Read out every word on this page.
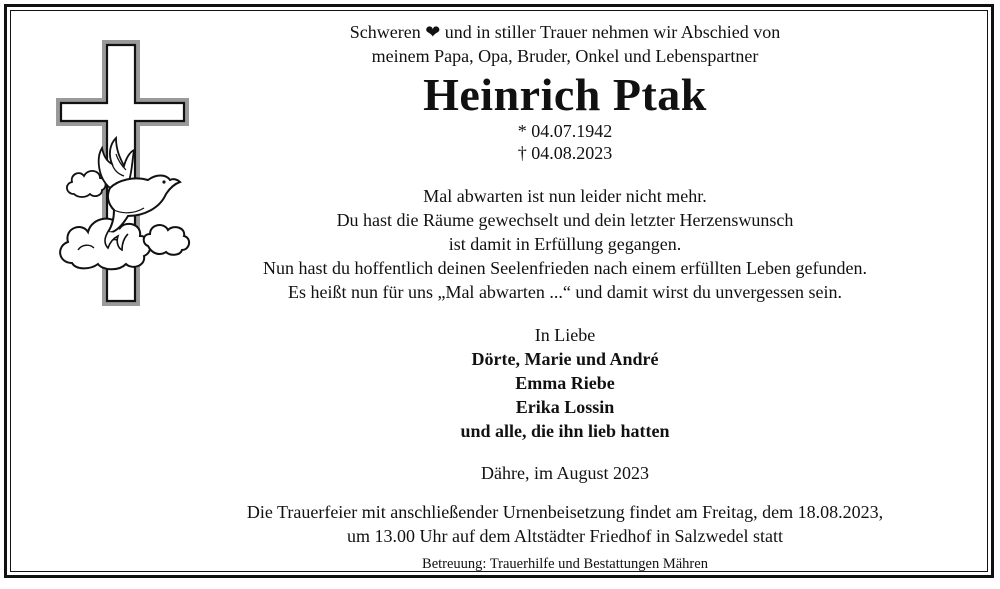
Schweren ❤ und in stiller Trauer nehmen wir Abschied von

meinem Papa, Opa, Bruder, Onkel und Lebenspartner

Heinrich Ptak

* 04.07.1942

† 04.08.2023

Mal abwarten ist nun leider nicht mehr.

Du hast die Räume gewechselt und dein letzter Herzenswunsch

ist damit in Erfüllung gegangen.

Nun hast du hoffentlich deinen Seelenfrieden nach einem erfüllten Leben gefunden.

Es heißt nun für uns „Mal abwarten ...“ und damit wirst du unvergessen sein.

In Liebe

Dörte, Marie und André

Emma Riebe

Erika Lossin

und alle, die ihn lieb hatten

Dähre, im August 2023

Die Trauerfeier mit anschließender Urnenbeisetzung findet am Freitag, dem 18.08.2023,

um 13.00 Uhr auf dem Altstädter Friedhof in Salzwedel statt

Betreuung: Trauerhilfe und Bestattungen Mähren
